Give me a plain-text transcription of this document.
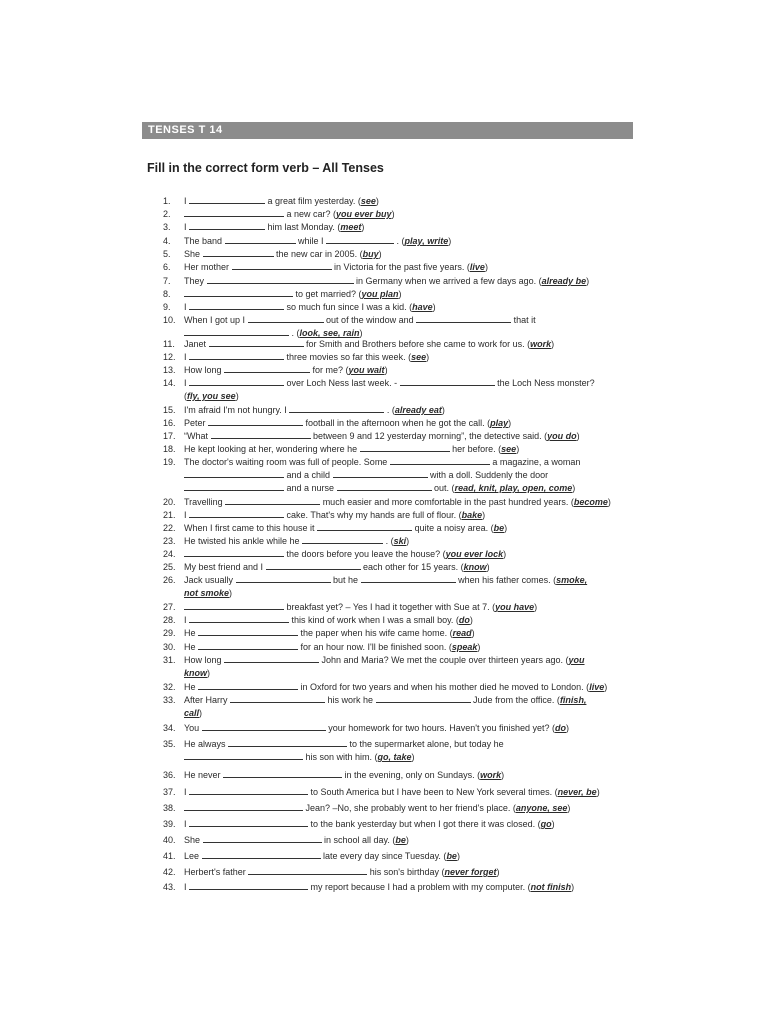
TENSES T 14
Fill in the correct form verb – All Tenses
1.	I	a great film yesterday. (see)
2.	a new car? (you ever buy)
3.	I	him last Monday. (meet)
4.	The band	while I	. (play, write)
5.	She	the new car in 2005. (buy)
6.	Her mother	in Victoria for the past five years. (live)
7.	They	in Germany when we arrived a few days ago. (already be)
8.	to get married? (you plan)
9.	I	so much fun since I was a kid. (have)
10. When I got up I	out of the window and	that it
. (look, see, rain)
11.	Janet	for Smith and Brothers before she came to work for us. (work)
12. I	three movies so far this week. (see)
13. How long	for me? (you wait)
14. I	over Loch Ness last week. -	the Loch Ness monster?
(fly, you see)
15. I'm afraid I'm not hungry. I	. (already eat)
16. Peter	football in the afternoon when he got the call. (play)
17. “What	between 9 and 12 yesterday morning”, the detective said. (you do)
18. He kept looking at her, wondering where he	her before. (see)
19. The doctor's waiting room was full of people. Some	a magazine, a woman
and a child	with a doll. Suddenly the door
and a nurse	out. (read, knit, play, open, come)
20. Travelling	much easier and more comfortable in the past hundred years. (become)
21. I	cake. That's why my hands are full of flour. (bake)
22. When I first came to this house it	quite a noisy area. (be)
23. He twisted his ankle while he	. (ski)
24.	the doors before you leave the house? (you ever lock)
25. My best friend and I	each other for 15 years. (know)
26. Jack usually	but he	when his father comes. (smoke,
not smoke)
27.	breakfast yet? – Yes I had it together with Sue at 7. (you have)
28. I	this kind of work when I was a small boy. (do)
29. He	the paper when his wife came home. (read)
30. He	for an hour now. I'll be finished soon. (speak)
31. How long	John and Maria? We met the couple over thirteen years ago. (you
know)
32. He	in Oxford for two years and when his mother died he moved to London. (live)
33. After Harry	his work he	Jude from the office. (finish,
call)
34. You	your homework for two hours. Haven't you finished yet? (do)
35. He always	to the supermarket alone, but today he
his son with him. (go, take)
36. He never	in the evening, only on Sundays. (work)
37. I	to South America but I have been to New York several times. (never, be)
38.	Jean? –No, she probably went to her friend's place. (anyone, see)
39. I	to the bank yesterday but when I got there it was closed. (go)
40. She	in school all day. (be)
41. Lee	late every day since Tuesday. (be)
42. Herbert's father	his son's birthday (never forget)
43. I	my report because I had a problem with my computer. (not finish)
